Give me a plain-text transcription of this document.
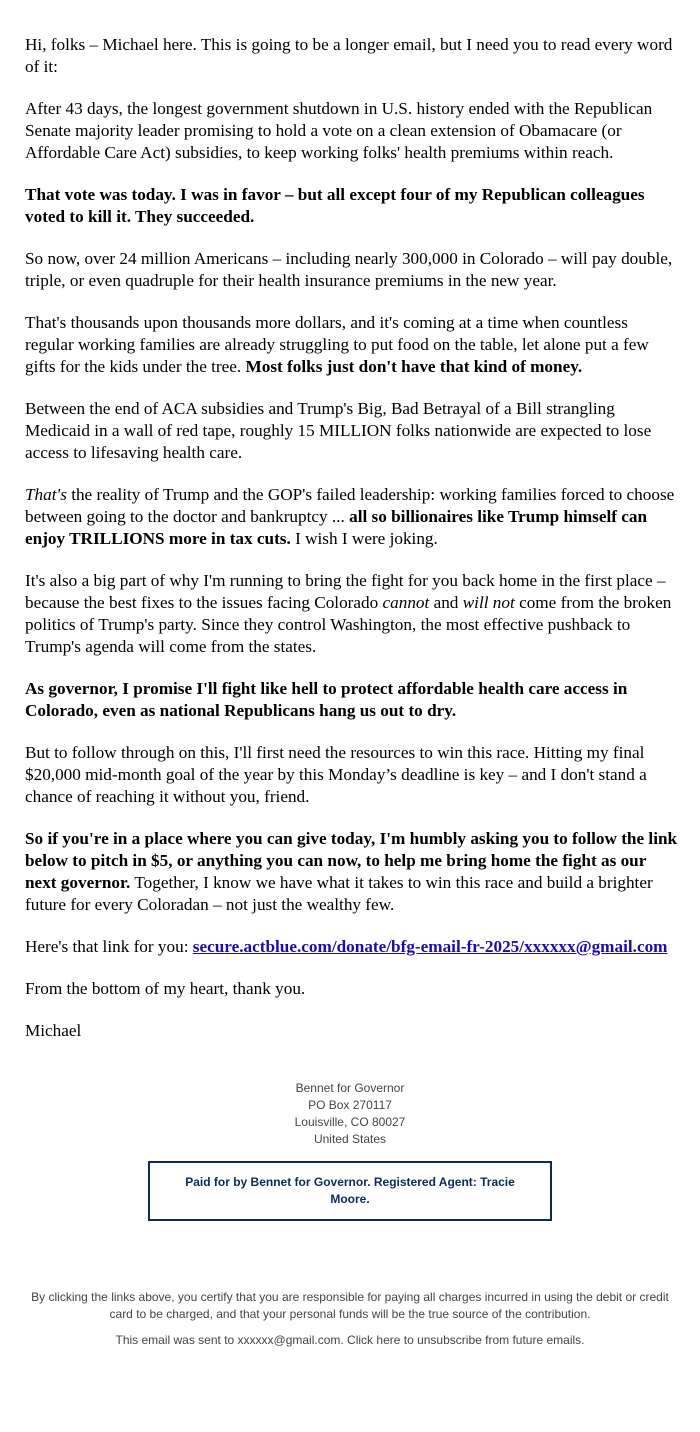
Hi, folks – Michael here. This is going to be a longer email, but I need you to read every word of it:

After 43 days, the longest government shutdown in U.S. history ended with the Republican Senate majority leader promising to hold a vote on a clean extension of Obamacare (or Affordable Care Act) subsidies, to keep working folks' health premiums within reach.

That vote was today. I was in favor – but all except four of my Republican colleagues voted to kill it. They succeeded.

So now, over 24 million Americans – including nearly 300,000 in Colorado – will pay double, triple, or even quadruple for their health insurance premiums in the new year.

That's thousands upon thousands more dollars, and it's coming at a time when countless regular working families are already struggling to put food on the table, let alone put a few gifts for the kids under the tree. Most folks just don't have that kind of money.

Between the end of ACA subsidies and Trump's Big, Bad Betrayal of a Bill strangling Medicaid in a wall of red tape, roughly 15 MILLION folks nationwide are expected to lose access to lifesaving health care.

That's the reality of Trump and the GOP's failed leadership: working families forced to choose between going to the doctor and bankruptcy ... all so billionaires like Trump himself can enjoy TRILLIONS more in tax cuts. I wish I were joking.

It's also a big part of why I'm running to bring the fight for you back home in the first place – because the best fixes to the issues facing Colorado cannot and will not come from the broken politics of Trump's party. Since they control Washington, the most effective pushback to Trump's agenda will come from the states.

As governor, I promise I'll fight like hell to protect affordable health care access in Colorado, even as national Republicans hang us out to dry.

But to follow through on this, I'll first need the resources to win this race. Hitting my final $20,000 mid-month goal of the year by this Monday’s deadline is key – and I don't stand a chance of reaching it without you, friend.

So if you're in a place where you can give today, I'm humbly asking you to follow the link below to pitch in $5, or anything you can now, to help me bring home the fight as our next governor. Together, I know we have what it takes to win this race and build a brighter future for every Coloradan – not just the wealthy few.

Here's that link for you: secure.actblue.com/donate/bfg-email-fr-2025/xxxxxx@gmail.com

From the bottom of my heart, thank you.

Michael

Bennet for Governor
PO Box 270117
Louisville, CO 80027
United States
Paid for by Bennet for Governor. Registered Agent: Tracie Moore.

By clicking the links above, you certify that you are responsible for paying all charges incurred in using the debit or credit card to be charged, and that your personal funds will be the true source of the contribution.

This email was sent to xxxxxx@gmail.com. Click here to unsubscribe from future emails.
